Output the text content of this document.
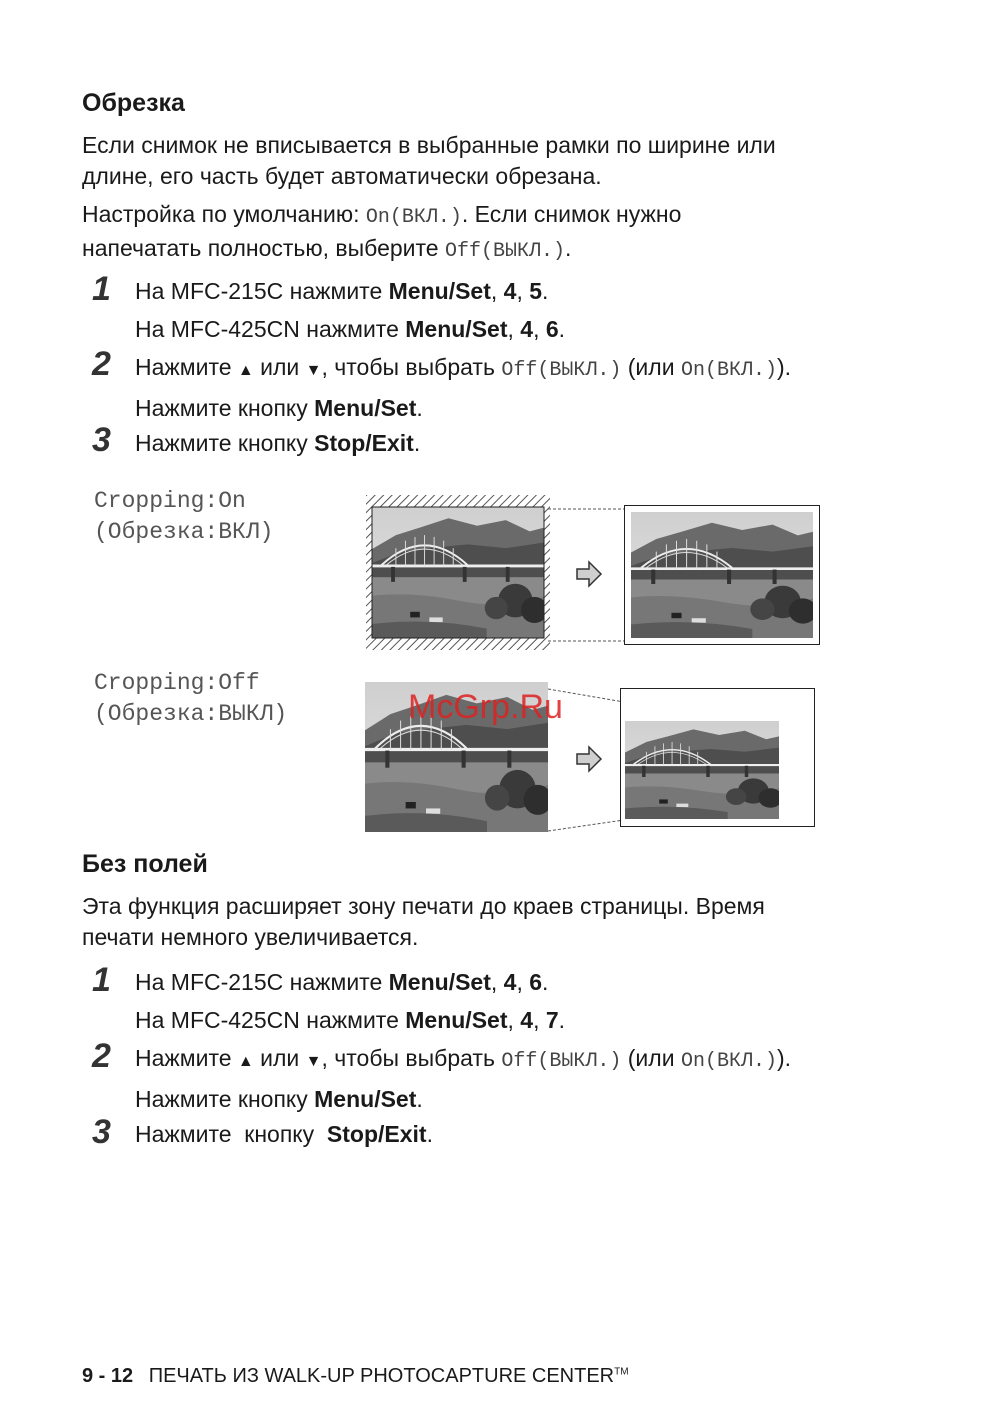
Обрезка
Если снимок не вписывается в выбранные рамки по ширине или
длине, его часть будет автоматически обрезана.
Настройка по умолчанию: On(ВКЛ.). Если снимок нужно
напечатать полностью, выберите Off(ВЫКЛ.).
1	На MFC-215C нажмите Menu/Set, 4, 5.
На MFC-425CN нажмите Menu/Set, 4, 6.
2	Нажмите ▲ или ▼, чтобы выбрать Off(ВЫКЛ.) (или On(ВКЛ.)).
Нажмите кнопку Menu/Set.
3	Нажмите кнопку Stop/Exit.
Cropping:On
(Обрезка:ВКЛ)
Cropping:Off
(Обрезка:ВЫКЛ)	McGrp.Ru
Без полей
Эта функция расширяет зону печати до краев страницы. Время
печати немного увеличивается.
1	На MFC-215C нажмите Menu/Set, 4, 6.
На MFC-425CN нажмите Menu/Set, 4, 7.
2	Нажмите ▲ или ▼, чтобы выбрать Off(ВЫКЛ.) (или On(ВКЛ.)).
Нажмите кнопку Menu/Set.
3	Нажмите  кнопку  Stop/Exit.
9 - 12 ПЕЧАТЬ ИЗ WALK-UP PHOTOCAPTURE CENTER™
